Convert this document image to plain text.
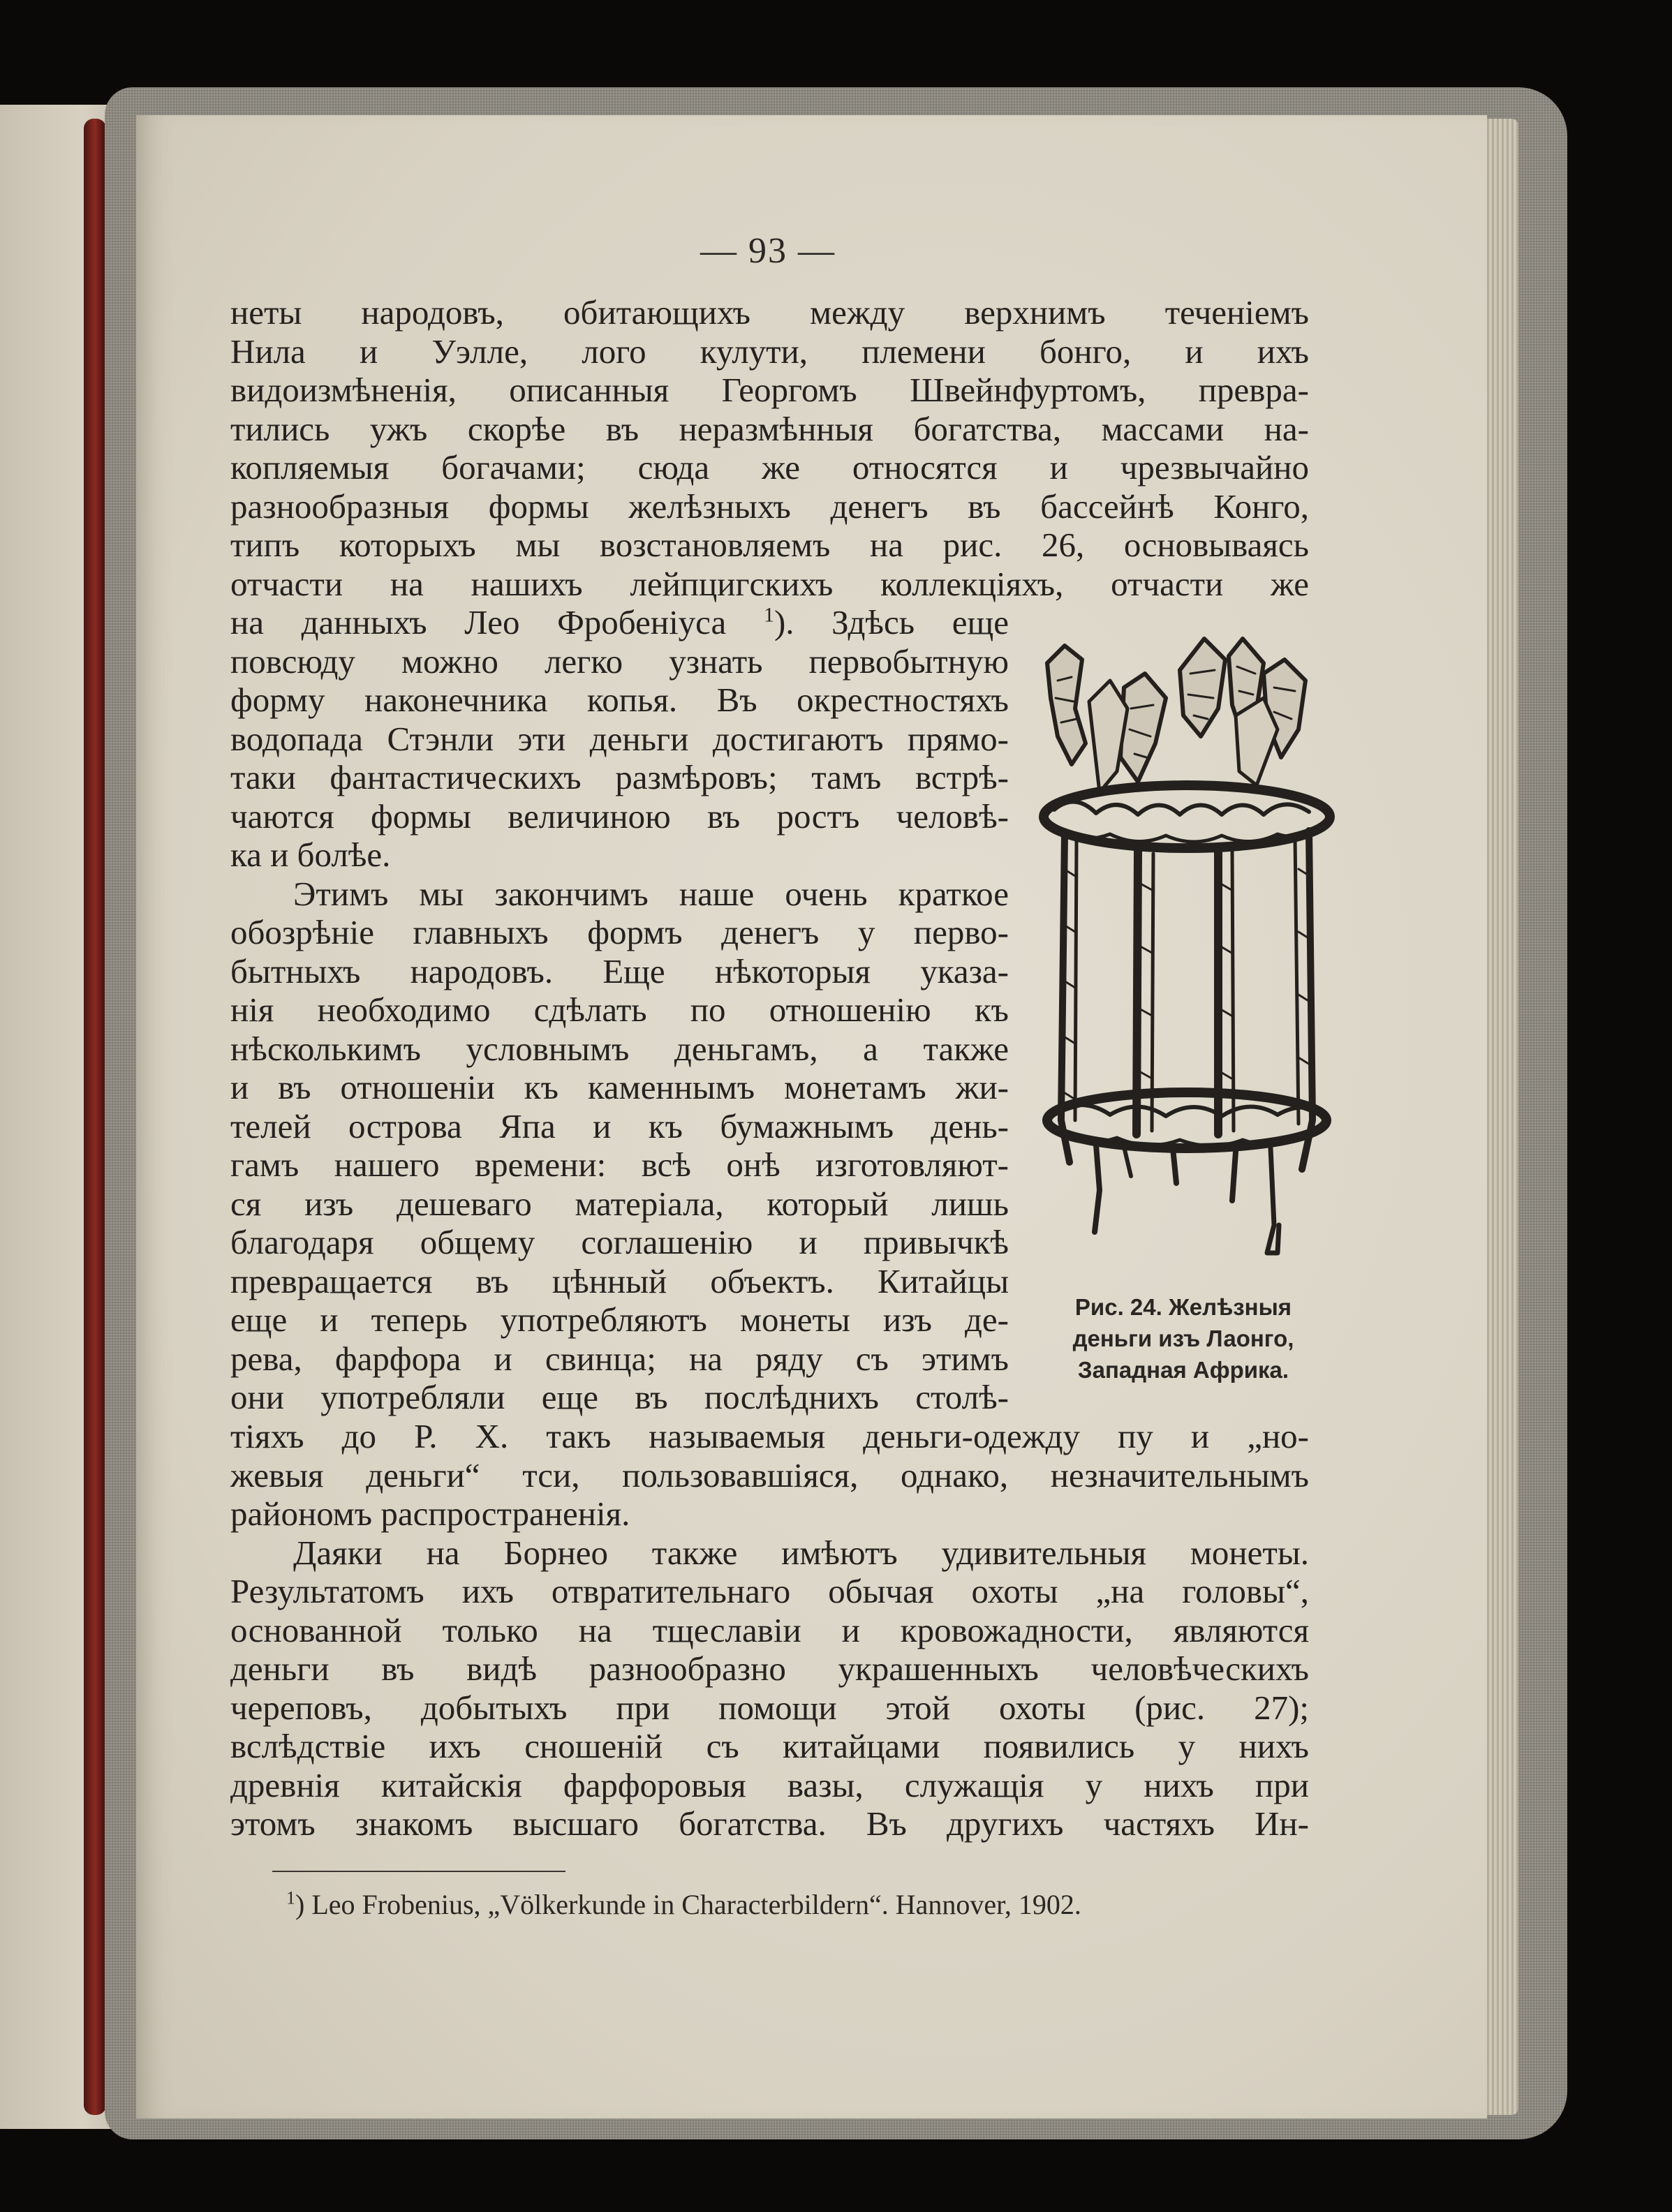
— 93 —
неты народовъ, обитающихъ между верхнимъ теченіемъ
Нила и Уэлле, лого кулути, племени бонго, и ихъ
видоизмѣненія, описанныя Георгомъ Швейнфуртомъ, превра-
тились ужъ скорѣе въ неразмѣнныя богатства, массами на-
копляемыя богачами; сюда же относятся и чрезвычайно
разнообразныя формы желѣзныхъ денегъ въ бассейнѣ Конго,
типъ которыхъ мы возстановляемъ на рис. 26, основываясь
отчасти на нашихъ лейпцигскихъ коллекціяхъ, отчасти же
на данныхъ Лео Фробеніуса $^1$). Здѣсь еще
повсюду можно легко узнать первобытную
форму наконечника копья. Въ окрестностяхъ
водопада Стэнли эти деньги достигаютъ прямо-
таки фантастическихъ размѣровъ; тамъ встрѣ-
чаются формы величиною въ ростъ человѣ-
ка и болѣе.
Этимъ мы закончимъ наше очень краткое
обозрѣніе главныхъ формъ денегъ у перво-
бытныхъ народовъ. Еще нѣкоторыя указа-
нія необходимо сдѣлать по отношенію къ
нѣсколькимъ условнымъ деньгамъ, а также
и въ отношеніи къ каменнымъ монетамъ жи-
телей острова Япа и къ бумажнымъ день-
гамъ нашего времени: всѣ онѣ изготовляют-
ся изъ дешеваго матеріала, который лишь
благодаря общему соглашенію и привычкѣ
превращается въ цѣнный объектъ. Китайцы
еще и теперь употребляютъ монеты изъ де-
рева, фарфора и свинца; на ряду съ этимъ
они употребляли еще въ послѣднихъ столѣ-
Рис. 24. Желѣзныя
деньги изъ Лаонго,
Западная Африка.
тіяхъ до Р. Х. такъ называемыя деньги-одежду пу и „но-
жевыя деньги“ тси, пользовавшіяся, однако, незначительнымъ
райономъ распространенія.
Даяки на Борнео также имѣютъ удивительныя монеты.
Результатомъ ихъ отвратительнаго обычая охоты „на головы“,
основанной только на тщеславіи и кровожадности, являются
деньги въ видѣ разнообразно украшенныхъ человѣческихъ
череповъ, добытыхъ при помощи этой охоты (рис. 27);
вслѣдствіе ихъ сношеній съ китайцами появились у нихъ
древнія китайскія фарфоровыя вазы, служащія у нихъ при
этомъ знакомъ высшаго богатства. Въ другихъ частяхъ Ин-
$^1$) Leo Frobenius, „Völkerkunde in Characterbildern“. Hannover, 1902.
